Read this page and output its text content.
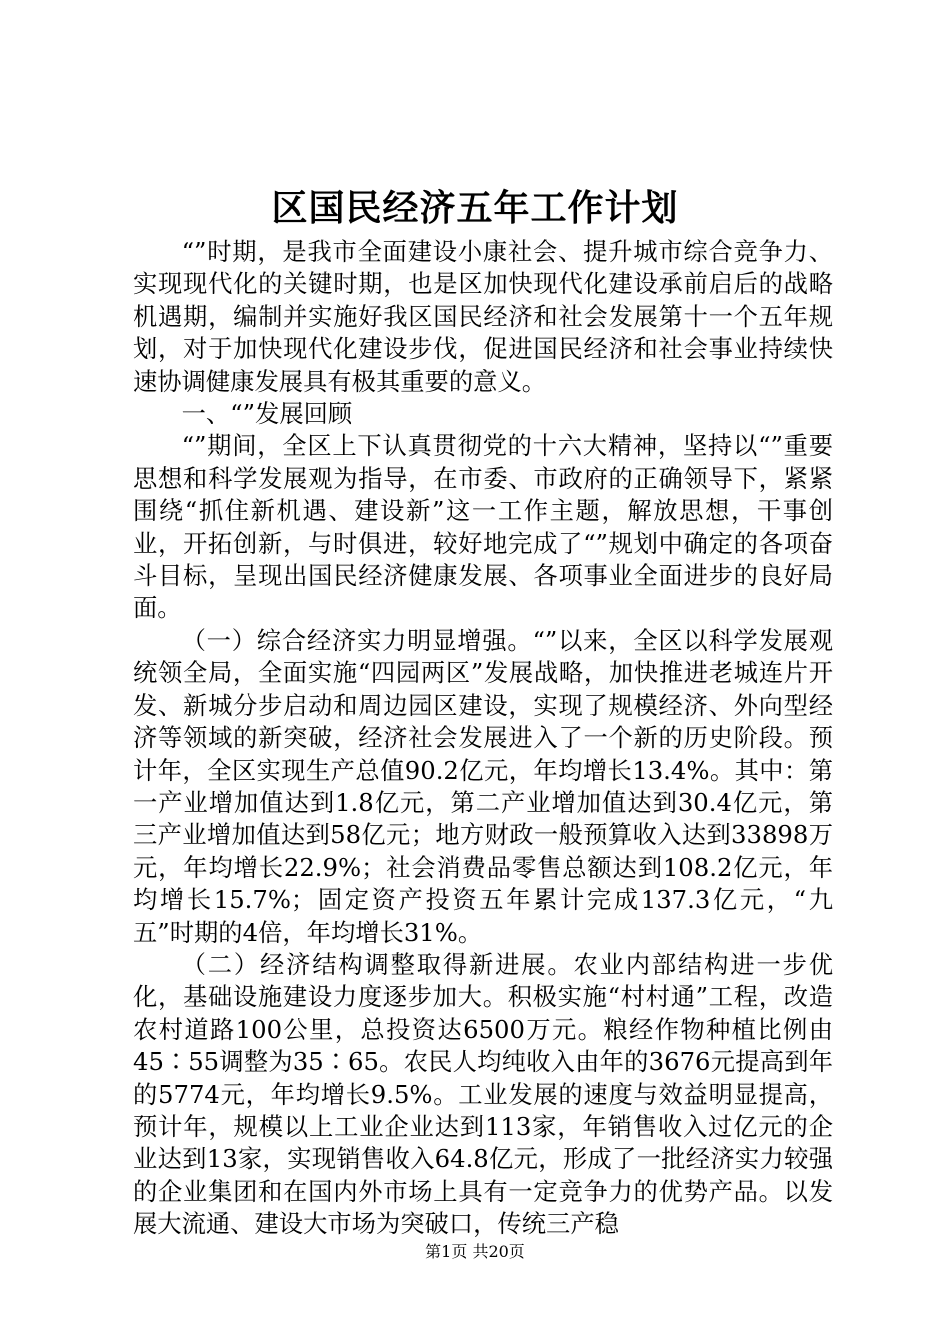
区国民经济五年工作计划

“”时期，是我市全面建设小康社会、提升城市综合竞争力、实现现代化的关键时期，也是区加快现代化建设承前启后的战略机遇期，编制并实施好我区国民经济和社会发展第十一个五年规划，对于加快现代化建设步伐，促进国民经济和社会事业持续快速协调健康发展具有极其重要的意义。

一、“”发展回顾

“”期间，全区上下认真贯彻党的十六大精神，坚持以“”重要思想和科学发展观为指导，在市委、市政府的正确领导下，紧紧围绕“抓住新机遇、建设新”这一工作主题，解放思想，干事创业，开拓创新，与时俱进，较好地完成了“”规划中确定的各项奋斗目标，呈现出国民经济健康发展、各项事业全面进步的良好局面。

（一）综合经济实力明显增强。“”以来，全区以科学发展观统领全局，全面实施“四园两区”发展战略，加快推进老城连片开发、新城分步启动和周边园区建设，实现了规模经济、外向型经济等领域的新突破，经济社会发展进入了一个新的历史阶段。预计年，全区实现生产总值90.2亿元，年均增长13.4%。其中：第一产业增加值达到1.8亿元，第二产业增加值达到30.4亿元，第三产业增加值达到58亿元；地方财政一般预算收入达到33898万元，年均增长22.9%；社会消费品零售总额达到108.2亿元，年均增长15.7%；固定资产投资五年累计完成137.3亿元，“九五”时期的4倍，年均增长31%。

（二）经济结构调整取得新进展。农业内部结构进一步优化，基础设施建设力度逐步加大。积极实施“村村通”工程，改造农村道路100公里，总投资达6500万元。粮经作物种植比例由45∶55调整为35∶65。农民人均纯收入由年的3676元提高到年的5774元，年均增长9.5%。工业发展的速度与效益明显提高，预计年，规模以上工业企业达到113家，年销售收入过亿元的企业达到13家，实现销售收入64.8亿元，形成了一批经济实力较强的企业集团和在国内外市场上具有一定竞争力的优势产品。以发展大流通、建设大市场为突破口，传统三产稳

第1页 共20页
